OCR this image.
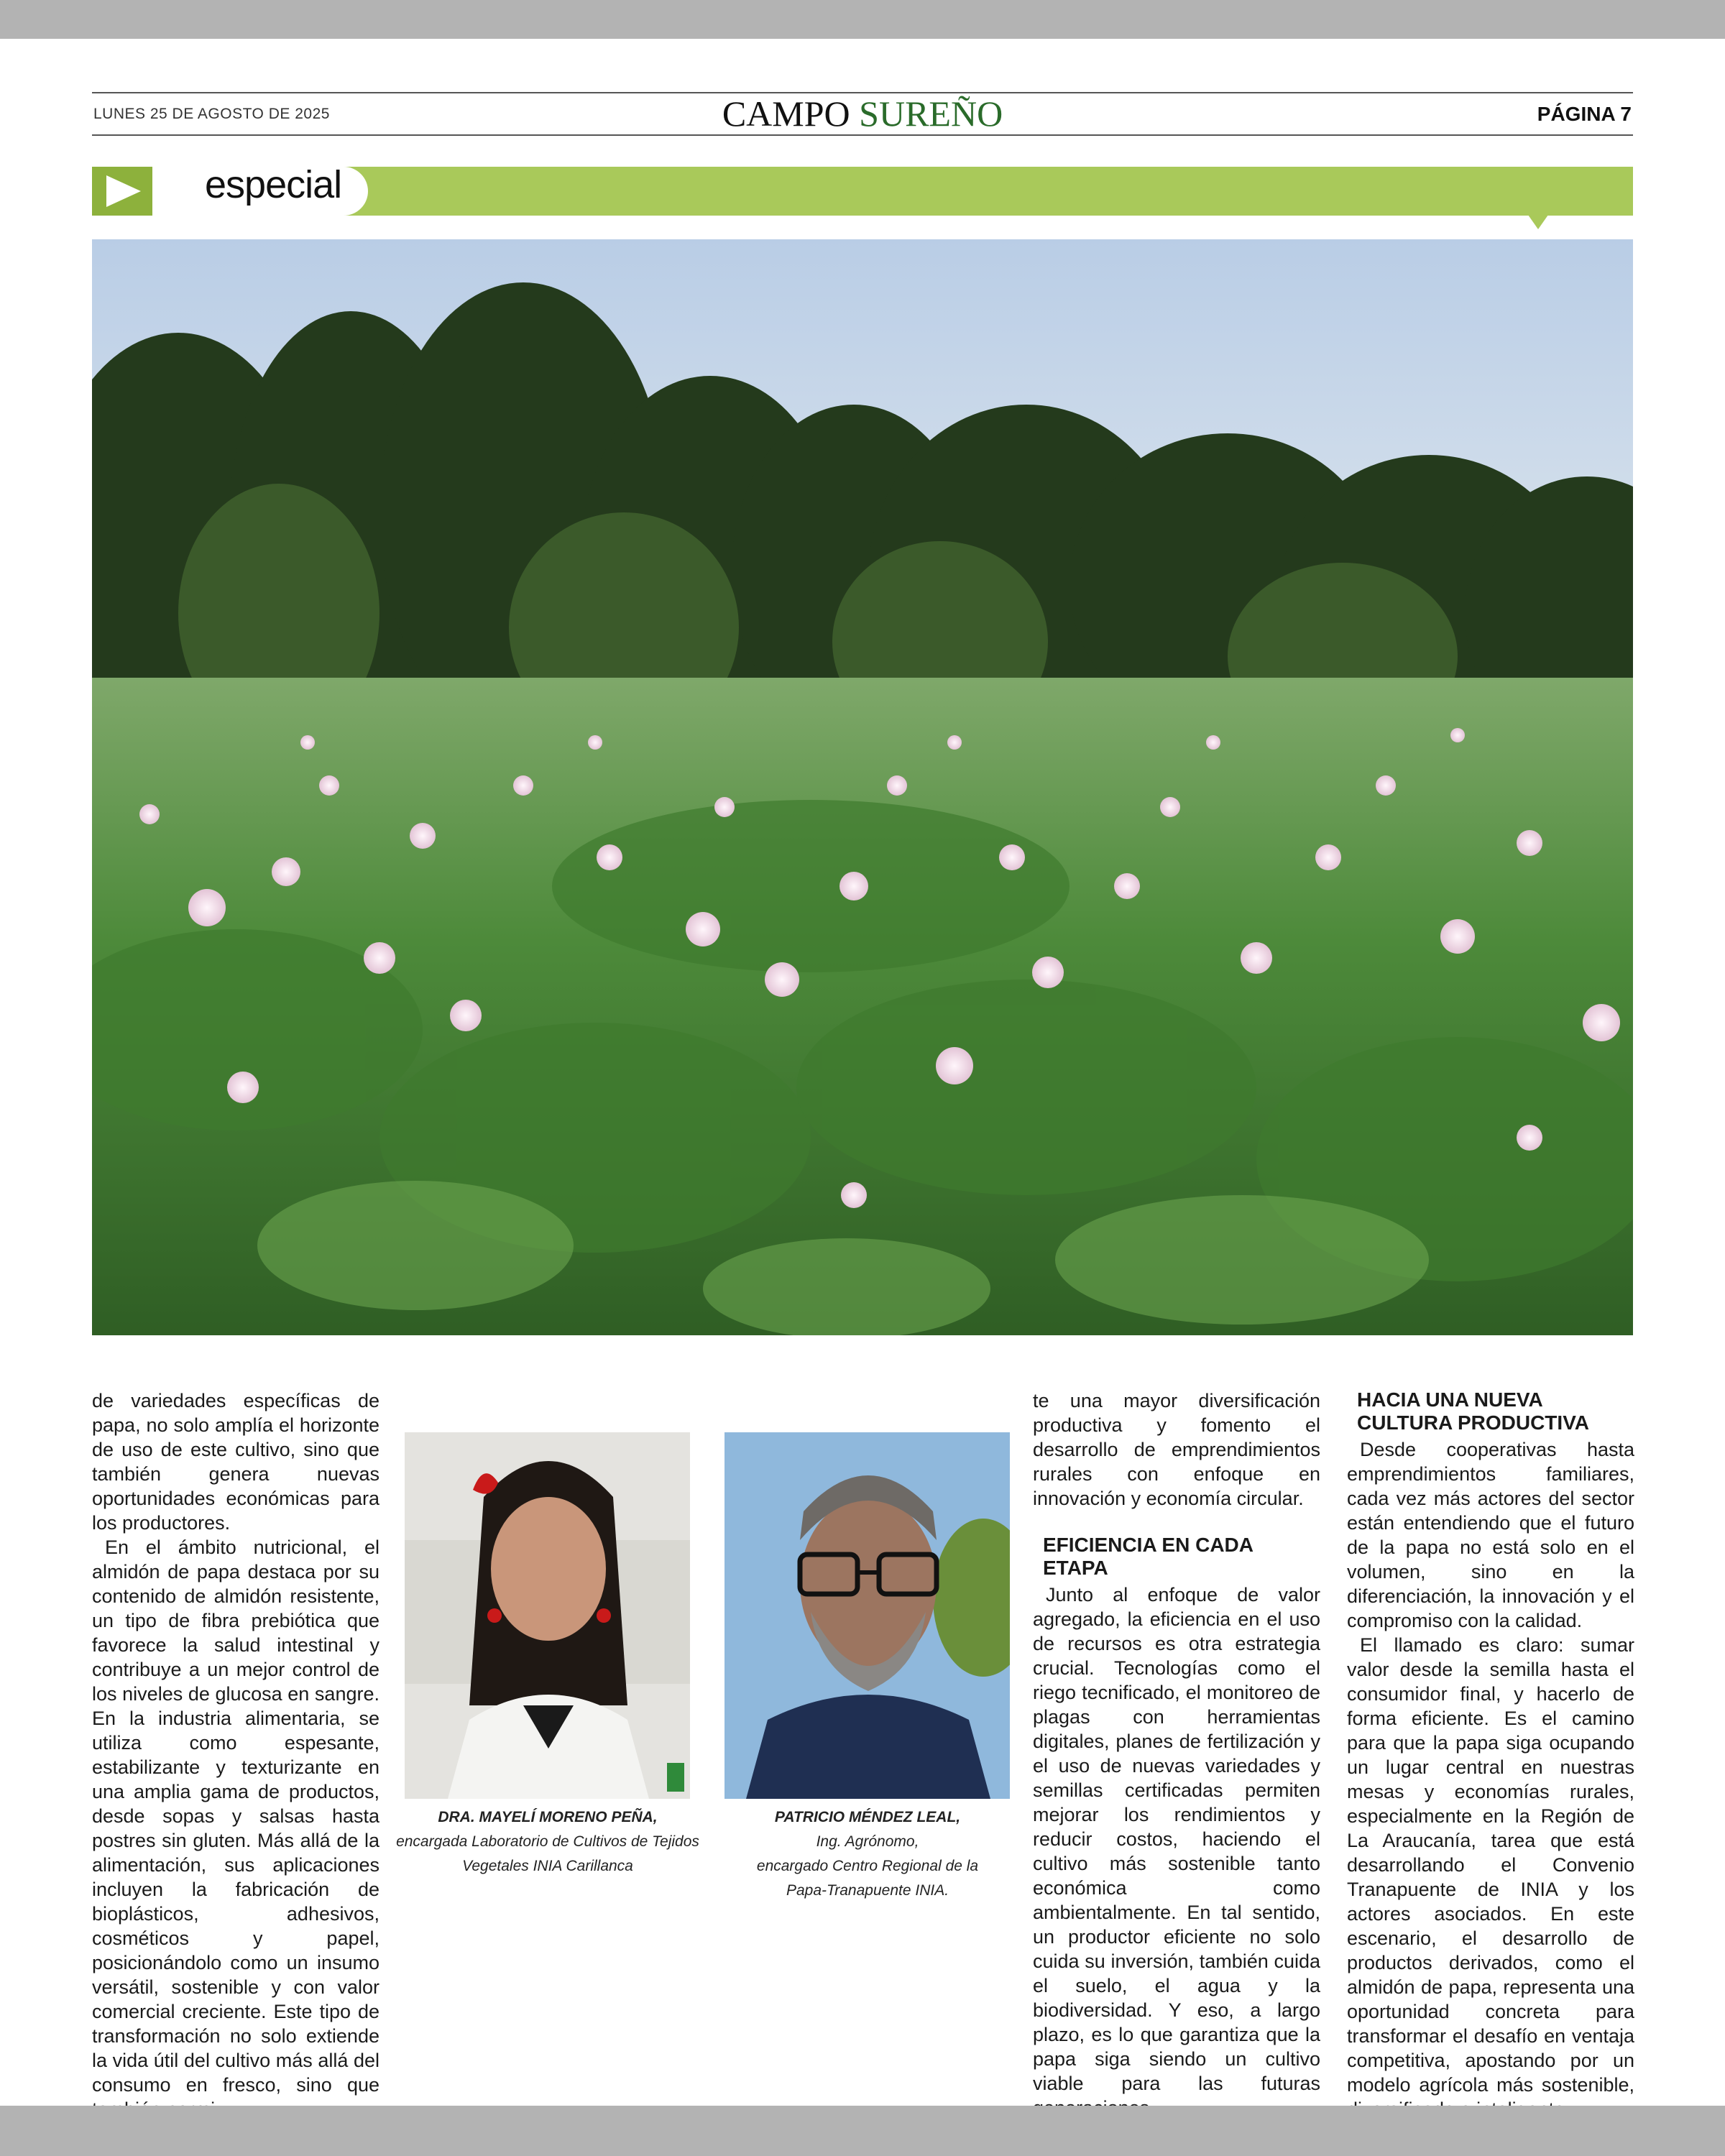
LUNES 25 DE AGOSTO DE 2025	CAMPO SUREÑO	PÁGINA 7
especial

de variedades específicas de papa, no solo amplía el horizonte de uso de este cultivo, sino que también genera nuevas oportunidades económicas para los productores.

En el ámbito nutricional, el almidón de papa destaca por su contenido de almidón resistente, un tipo de fibra prebiótica que favorece la salud intestinal y contribuye a un mejor control de los niveles de glucosa en sangre. En la industria alimentaria, se utiliza como espesante, estabilizante y texturizante en una amplia gama de productos, desde sopas y salsas hasta postres sin gluten. Más allá de la alimentación, sus aplicaciones incluyen la fabricación de bioplásticos, adhesivos, cosméticos y papel, posicionándolo como un insumo versátil, sostenible y con valor comercial creciente. Este tipo de transformación no solo extiende la vida útil del cultivo más allá del consumo en fresco, sino que

DRA. MAYELÍ MORENO PEÑA,
encargada Laboratorio de Cultivos de Tejidos
Vegetales INIA Carillanca
PATRICIO MÉNDEZ LEAL,
Ing. Agrónomo,
encargado Centro Regional de la
Papa-Tranapuente INIA.

te una mayor diversificación productiva y fomento el desarrollo de emprendimientos rurales con enfoque en innovación y economía circular.

EFICIENCIA EN CADA ETAPA

Junto al enfoque de valor agregado, la eficiencia en el uso de recursos es otra estrategia crucial. Tecnologías como el riego tecnificado, el monitoreo de plagas con herramientas digitales, planes de fertilización y el uso de nuevas variedades y semillas certificadas permiten mejorar los rendimientos y reducir costos, haciendo el cultivo más sostenible tanto económica como ambientalmente. En tal sentido, un productor eficiente no solo cuida su inversión, también cuida el suelo, el agua y la biodiversidad. Y eso, a largo plazo, es lo que garantiza que la papa siga siendo un cultivo viable para las futuras

HACIA UNA NUEVA CULTURA PRODUCTIVA

Desde cooperativas hasta emprendimientos familiares, cada vez más actores del sector están entendiendo que el futuro de la papa no está solo en el volumen, sino en la diferenciación, la innovación y el compromiso con la calidad.

El llamado es claro: sumar valor desde la semilla hasta el consumidor final, y hacerlo de forma eficiente. Es el camino para que la papa siga ocupando un lugar central en nuestras mesas y economías rurales, especialmente en la Región de La Araucanía, tarea que está desarrollando el Convenio Tranapuente de INIA y los actores asociados. En este escenario, el desarrollo de productos derivados, como el almidón de papa, representa una oportunidad concreta para transformar el desafío en ventaja competitiva, apostando por un modelo agrícola más sostenible,
